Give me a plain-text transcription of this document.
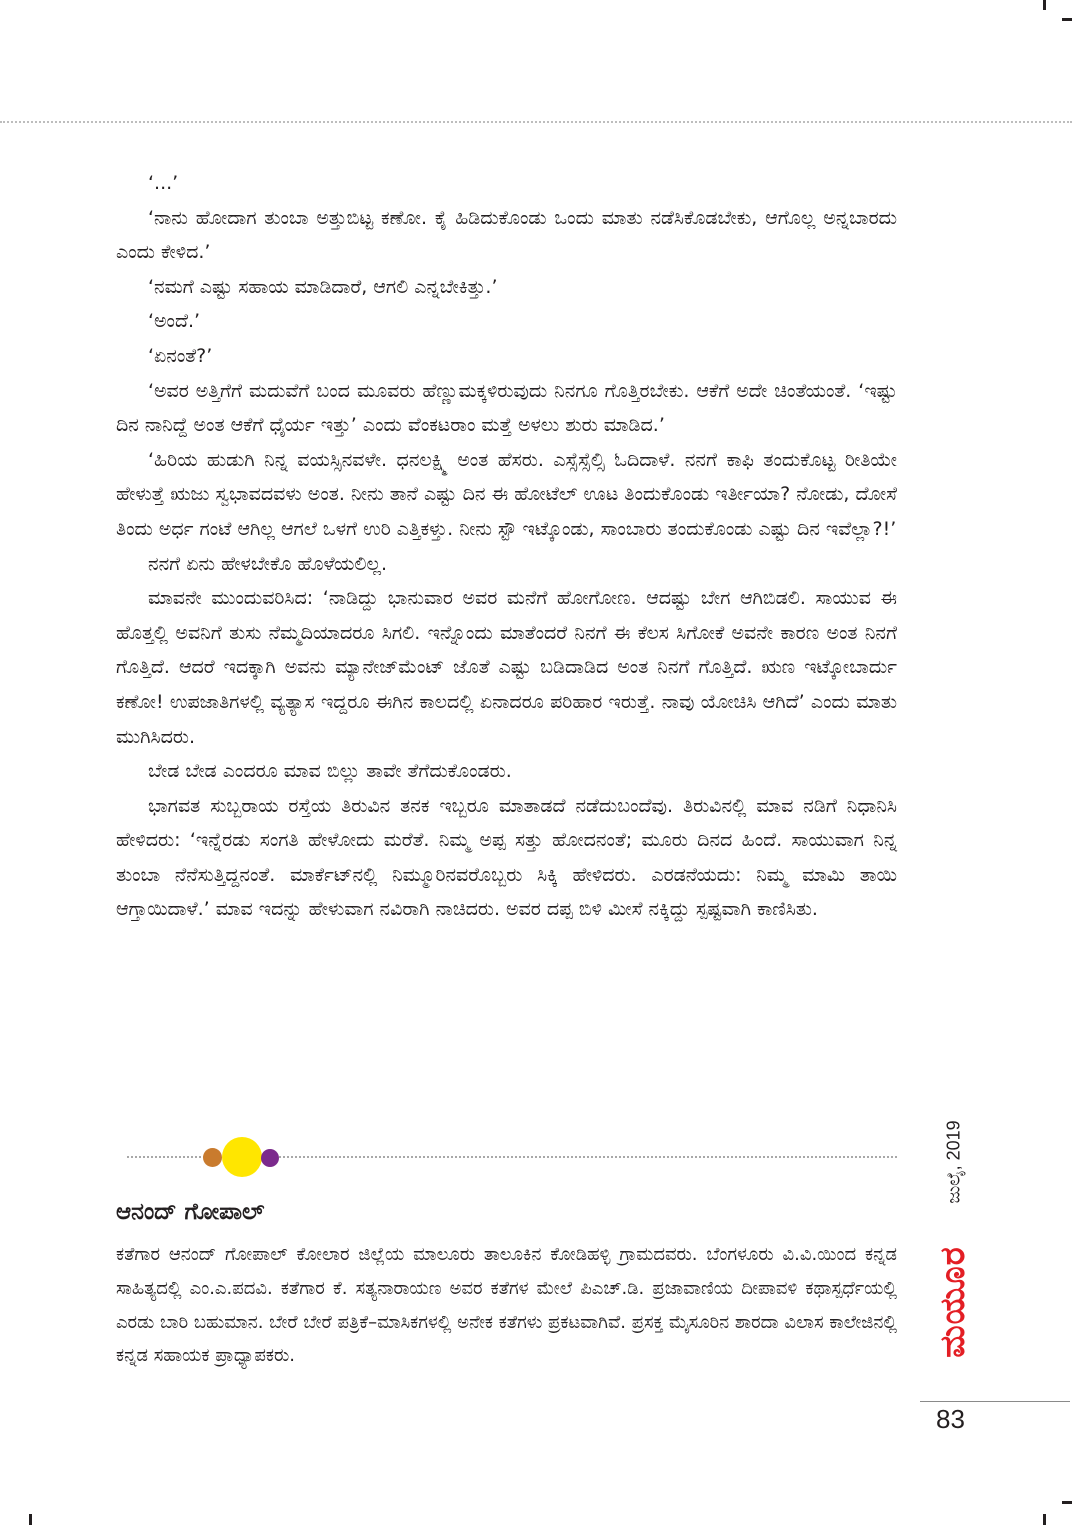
‘...’

‘ನಾನು ಹೋದಾಗ ತುಂಬಾ ಅತ್ತುಬಿಟ್ಟ ಕಣೋ. ಕೈ ಹಿಡಿದುಕೊಂಡು ಒಂದು ಮಾತು ನಡೆಸಿಕೊಡಬೇಕು, ಆಗೊಲ್ಲ ಅನ್ನಬಾರದು ಎಂದು ಕೇಳಿದ.’

‘ನಮಗೆ ಎಷ್ಟು ಸಹಾಯ ಮಾಡಿದಾರೆ, ಆಗಲಿ ಎನ್ನಬೇಕಿತ್ತು.’

‘ಅಂದೆ.’

‘ಏನಂತೆ?’

‘ಅವರ ಅತ್ತಿಗೆಗೆ ಮದುವೆಗೆ ಬಂದ ಮೂವರು ಹೆಣ್ಣುಮಕ್ಕಳಿರುವುದು ನಿನಗೂ ಗೊತ್ತಿರಬೇಕು. ಆಕೆಗೆ ಅದೇ ಚಿಂತೆಯಂತೆ. ‘ಇಷ್ಟು ದಿನ ನಾನಿದ್ದೆ ಅಂತ ಆಕೆಗೆ ಧೈರ್ಯ ಇತ್ತು’ ಎಂದು ವೆಂಕಟರಾಂ ಮತ್ತೆ ಅಳಲು ಶುರು ಮಾಡಿದ.’

‘ಹಿರಿಯ ಹುಡುಗಿ ನಿನ್ನ ವಯಸ್ಸಿನವಳೇ. ಧನಲಕ್ಷ್ಮಿ ಅಂತ ಹೆಸರು. ಎಸ್ಸೆಸ್ಸೆಲ್ಸಿ ಓದಿದಾಳೆ. ನನಗೆ ಕಾಫಿ ತಂದುಕೊಟ್ಟ ರೀತಿಯೇ ಹೇಳುತ್ತೆ ಋಜು ಸ್ವಭಾವದವಳು ಅಂತ. ನೀನು ತಾನೆ ಎಷ್ಟು ದಿನ ಈ ಹೋಟೆಲ್ ಊಟ ತಿಂದುಕೊಂಡು ಇರ್ತೀಯಾ? ನೋಡು, ದೋಸೆ ತಿಂದು ಅರ್ಧ ಗಂಟೆ ಆಗಿಲ್ಲ ಆಗಲೆ ಒಳಗೆ ಉರಿ ಎತ್ತಿಕಳ್ತು. ನೀನು ಸ್ಟೌ ಇಟ್ಕೊಂಡು, ಸಾಂಬಾರು ತಂದುಕೊಂಡು ಎಷ್ಟು ದಿನ ಇವೆಲ್ಲಾ?!’

ನನಗೆ ಏನು ಹೇಳಬೇಕೊ ಹೊಳೆಯಲಿಲ್ಲ.

ಮಾವನೇ ಮುಂದುವರಿಸಿದ: ‘ನಾಡಿದ್ದು ಭಾನುವಾರ ಅವರ ಮನೆಗೆ ಹೋಗೋಣ. ಆದಷ್ಟು ಬೇಗ ಆಗಿಬಿಡಲಿ. ಸಾಯುವ ಈ ಹೊತ್ತಲ್ಲಿ ಅವನಿಗೆ ತುಸು ನೆಮ್ಮದಿಯಾದರೂ ಸಿಗಲಿ. ಇನ್ನೊಂದು ಮಾತೆಂದರೆ ನಿನಗೆ ಈ ಕೆಲಸ ಸಿಗೋಕೆ ಅವನೇ ಕಾರಣ ಅಂತ ನಿನಗೆ ಗೊತ್ತಿದೆ. ಆದರೆ ಇದಕ್ಕಾಗಿ ಅವನು ಮ್ಯಾನೇಜ್‌ಮೆಂಟ್ ಜೊತೆ ಎಷ್ಟು ಬಡಿದಾಡಿದ ಅಂತ ನಿನಗೆ ಗೊತ್ತಿದೆ. ಋಣ ಇಟ್ಕೋಬಾರ್ದು ಕಣೋ! ಉಪಜಾತಿಗಳಲ್ಲಿ ವ್ಯತ್ಯಾಸ ಇದ್ದರೂ ಈಗಿನ ಕಾಲದಲ್ಲಿ ಏನಾದರೂ ಪರಿಹಾರ ಇರುತ್ತೆ. ನಾವು ಯೋಚಿಸಿ ಆಗಿದೆ’ ಎಂದು ಮಾತು ಮುಗಿಸಿದರು.

ಬೇಡ ಬೇಡ ಎಂದರೂ ಮಾವ ಬಿಲ್ಲು ತಾವೇ ತೆಗೆದುಕೊಂಡರು.

ಭಾಗವತ ಸುಬ್ಬರಾಯ ರಸ್ತೆಯ ತಿರುವಿನ ತನಕ ಇಬ್ಬರೂ ಮಾತಾಡದೆ ನಡೆದುಬಂದೆವು. ತಿರುವಿನಲ್ಲಿ ಮಾವ ನಡಿಗೆ ನಿಧಾನಿಸಿ ಹೇಳಿದರು: ‘ಇನ್ನೆರಡು ಸಂಗತಿ ಹೇಳೋದು ಮರೆತೆ. ನಿಮ್ಮ ಅಪ್ಪ ಸತ್ತು ಹೋದನಂತೆ; ಮೂರು ದಿನದ ಹಿಂದೆ. ಸಾಯುವಾಗ ನಿನ್ನ ತುಂಬಾ ನೆನೆಸುತ್ತಿದ್ದನಂತೆ. ಮಾರ್ಕೆಟ್‌ನಲ್ಲಿ ನಿಮ್ಮೂರಿನವರೊಬ್ಬರು ಸಿಕ್ಕಿ ಹೇಳಿದರು. ಎರಡನೆಯದು: ನಿಮ್ಮ ಮಾಮಿ ತಾಯಿ ಆಗ್ತಾಯಿದಾಳೆ.’ ಮಾವ ಇದನ್ನು ಹೇಳುವಾಗ ನವಿರಾಗಿ ನಾಚಿದರು. ಅವರ ದಪ್ಪ ಬಿಳಿ ಮೀಸೆ ನಕ್ಕಿದ್ದು ಸ್ಪಷ್ಟವಾಗಿ ಕಾಣಿಸಿತು.

ಆನಂದ್ ಗೋಪಾಲ್

ಕತೆಗಾರ ಆನಂದ್ ಗೋಪಾಲ್ ಕೋಲಾರ ಜಿಲ್ಲೆಯ ಮಾಲೂರು ತಾಲೂಕಿನ ಕೋಡಿಹಳ್ಳಿ ಗ್ರಾಮದವರು. ಬೆಂಗಳೂರು ವಿ.ವಿ.ಯಿಂದ ಕನ್ನಡ ಸಾಹಿತ್ಯದಲ್ಲಿ ಎಂ.ಎ.ಪದವಿ. ಕತೆಗಾರ ಕೆ. ಸತ್ಯನಾರಾಯಣ ಅವರ ಕತೆಗಳ ಮೇಲೆ ಪಿಎಚ್.ಡಿ. ಪ್ರಜಾವಾಣಿಯ ದೀಪಾವಳಿ ಕಥಾಸ್ಪರ್ಧೆಯಲ್ಲಿ ಎರಡು ಬಾರಿ ಬಹುಮಾನ. ಬೇರೆ ಬೇರೆ ಪತ್ರಿಕೆ–ಮಾಸಿಕಗಳಲ್ಲಿ ಅನೇಕ ಕತೆಗಳು ಪ್ರಕಟವಾಗಿವೆ. ಪ್ರಸಕ್ತ ಮೈಸೂರಿನ ಶಾರದಾ ವಿಲಾಸ ಕಾಲೇಜಿನಲ್ಲಿ ಕನ್ನಡ ಸಹಾಯಕ ಪ್ರಾಧ್ಯಾಪಕರು.

ಜುಲೈ, 2019
ಮಯೂರ
83
